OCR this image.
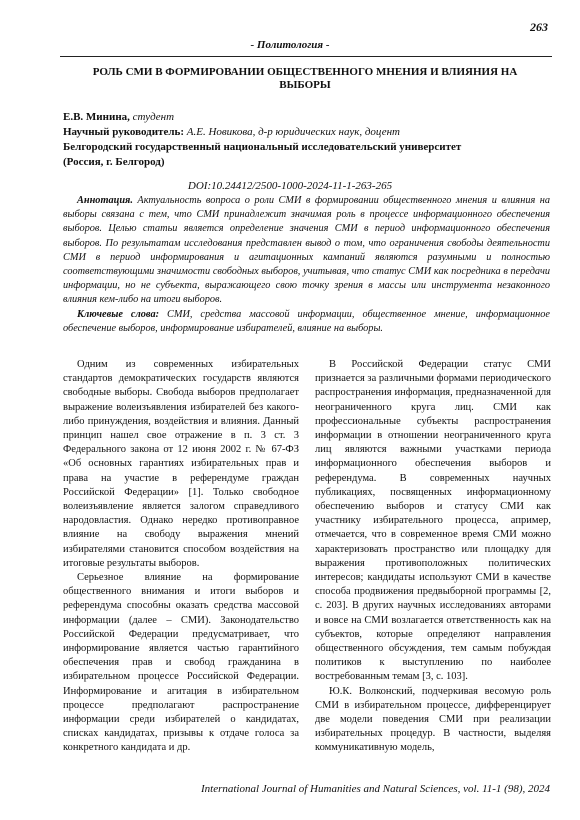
263
- Политология -
РОЛЬ СМИ В ФОРМИРОВАНИИ ОБЩЕСТВЕННОГО МНЕНИЯ И ВЛИЯНИЯ НА ВЫБОРЫ
Е.В. Минина, студент
Научный руководитель: А.Е. Новикова, д-р юридических наук, доцент
Белгородский государственный национальный исследовательский университет
(Россия, г. Белгород)
DOI:10.24412/2500-1000-2024-11-1-263-265

Аннотация. Актуальность вопроса о роли СМИ в формировании общественного мнения и влияния на выборы связана с тем, что СМИ принадлежит значимая роль в процессе информационного обеспечения выборов. Целью статьи является определение значения СМИ в период информационного обеспечения выборов. По результатам исследования представлен вывод о том, что ограничения свободы деятельности СМИ в период информирования и агитационных кампаний являются разумными и полностью соответствующими значимости свободных выборов, учитывая, что статус СМИ как посредника в передачи информации, но не субъекта, выражающего свою точку зрения в массы или инструмента незаконного влияния кем-либо на итоги выборов.

Ключевые слова: СМИ, средства массовой информации, общественное мнение, информационное обеспечение выборов, информирование избирателей, влияние на выборы.

Одним из современных избирательных стандартов демократических государств являются свободные выборы. Свобода выборов предполагает выражение волеизъявления избирателей без какого-либо принуждения, воздействия и влияния. Данный принцип нашел свое отражение в п. 3 ст. 3 Федерального закона от 12 июня 2002 г. № 67-ФЗ «Об основных гарантиях избирательных прав и права на участие в референдуме граждан Российской Федерации» [1]. Только свободное волеизъявление является залогом справедливого народовластия. Однако нередко противоправное влияние на свободу выражения мнений избирателями становится способом воздействия на итоговые результаты выборов.

Серьезное влияние на формирование общественного внимания и итоги выборов и референдума способны оказать средства массовой информации (далее – СМИ). Законодательство Российской Федерации предусматривает, что информирование является частью гарантийного обеспечения прав и свобод гражданина в избирательном процессе Российской Федерации. Информирование и агитация в избирательном процессе предполагают распространение информации среди избирателей о кандидатах, списках кандидатах, призывы к отдаче голоса за конкретного кандидата и др.

В Российской Федерации статус СМИ признается за различными формами периодического распространения информация, предназначенной для неограниченного круга лиц. СМИ как профессиональные субъекты распространения информации в отношении неограниченного круга лиц являются важными участками периода информационного обеспечения выборов и референдума. В современных научных публикациях, посвященных информационному обеспечению выборов и статусу СМИ как участнику избирательного процесса, апример, отмечается, что в современное время СМИ можно характеризовать пространство или площадку для выражения противоположных политических интересов; кандидаты используют СМИ в качестве способа продвижения предвыборной программы [2, с. 203]. В других научных исследованиях авторами и вовсе на СМИ возлагается ответственность как на субъектов, которые определяют направления общественного обсуждения, тем самым побуждая политиков к выступлению по наиболее востребованным темам [3, с. 103].

Ю.К. Волконский, подчеркивая весомую роль СМИ в избирательном процессе, дифференцирует две модели поведения СМИ при реализации избирательных процедур. В частности, выделяя коммуникативную модель,

International Journal of Humanities and Natural Sciences, vol. 11-1 (98), 2024
